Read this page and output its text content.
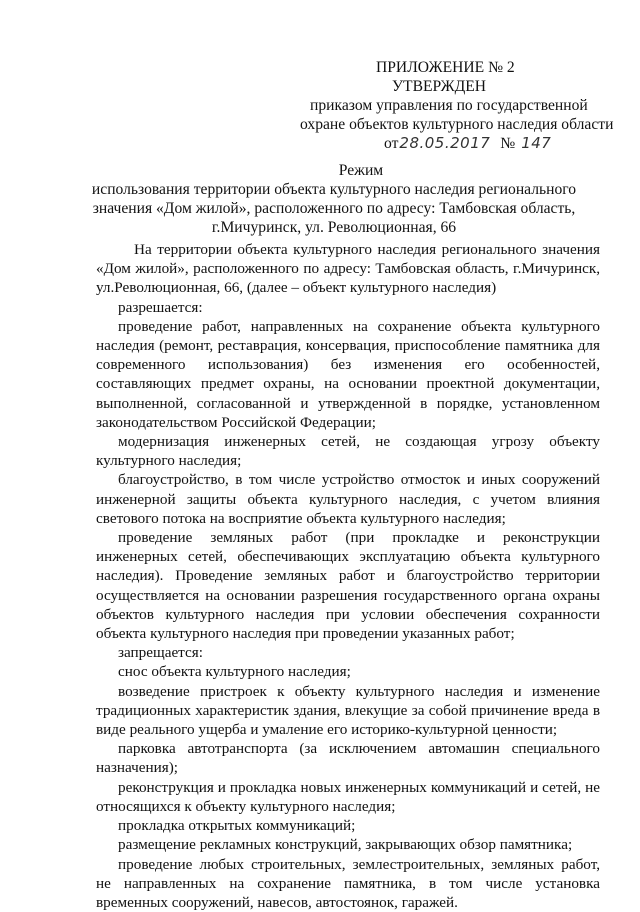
ПРИЛОЖЕНИЕ № 2
УТВЕРЖДЕН
приказом управления по государственной
охране объектов культурного наследия области
от28.05.2017 № 147
Режим
использования территории объекта культурного наследия регионального
значения «Дом жилой», расположенного по адресу: Тамбовская область,
г.Мичуринск, ул. Революционная, 66

На территории объекта культурного наследия регионального значения «Дом жилой», расположенного по адресу: Тамбовская область, г.Мичуринск, ул.Революционная, 66, (далее – объект культурного наследия)

разрешается:

проведение работ, направленных на сохранение объекта культурного наследия (ремонт, реставрация, консервация, приспособление памятника для современного использования) без изменения его особенностей, составляющих предмет охраны, на основании проектной документации, выполненной, согласованной и утвержденной в порядке, установленном законодательством Российской Федерации;

модернизация инженерных сетей, не создающая угрозу объекту культурного наследия;

благоустройство, в том числе устройство отмосток и иных сооружений инженерной защиты объекта культурного наследия, с учетом влияния светового потока на восприятие объекта культурного наследия;

проведение земляных работ (при прокладке и реконструкции инженерных сетей, обеспечивающих эксплуатацию объекта культурного наследия). Проведение земляных работ и благоустройство территории осуществляется на основании разрешения государственного органа охраны объектов культурного наследия при условии обеспечения сохранности объекта культурного наследия при проведении указанных работ;

запрещается:

снос объекта культурного наследия;

возведение пристроек к объекту культурного наследия и изменение традиционных характеристик здания, влекущие за собой причинение вреда в виде реального ущерба и умаление его историко-культурной ценности;

парковка автотранспорта (за исключением автомашин специального назначения);

реконструкция и прокладка новых инженерных коммуникаций и сетей, не относящихся к объекту культурного наследия;

прокладка открытых коммуникаций;

размещение рекламных конструкций, закрывающих обзор памятника;

проведение любых строительных, землестроительных, земляных работ, не направленных на сохранение памятника, в том числе установка временных сооружений, навесов, автостоянок, гаражей.
